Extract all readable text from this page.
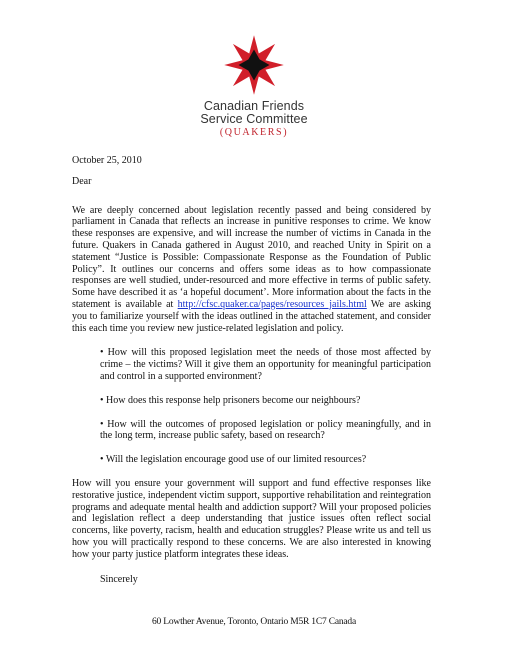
Canadian Friends
Service Committee
(QUAKERS)

October 25, 2010

Dear

We are deeply concerned about legislation recently passed and being considered by parliament in Canada that reflects an increase in punitive responses to crime. We know these responses are expensive, and will increase the number of victims in Canada in the future. Quakers in Canada gathered in August 2010, and reached Unity in Spirit on a statement “Justice is Possible: Compassionate Response as the Foundation of Public Policy”. It outlines our concerns and offers some ideas as to how compassionate responses are well studied, under-resourced and more effective in terms of public safety. Some have described it as ‘a hopeful document’. More information about the facts in the statement is available at http://cfsc.quaker.ca/pages/resources_jails.html We are asking you to familiarize yourself with the ideas outlined in the attached statement, and consider this each time you review new justice-related legislation and policy.

• How will this proposed legislation meet the needs of those most affected by crime – the victims? Will it give them an opportunity for meaningful participation and control in a supported environment?
• How does this response help prisoners become our neighbours?
• How will the outcomes of proposed legislation or policy meaningfully, and in the long term, increase public safety, based on research?
• Will the legislation encourage good use of our limited resources?

How will you ensure your government will support and fund effective responses like restorative justice, independent victim support, supportive rehabilitation and reintegration programs and adequate mental health and addiction support? Will your proposed policies and legislation reflect a deep understanding that justice issues often reflect social concerns, like poverty, racism, health and education struggles? Please write us and tell us how you will practically respond to these concerns. We are also interested in knowing how your party justice platform integrates these ideas.

Sincerely

60 Lowther Avenue, Toronto, Ontario M5R 1C7 Canada
